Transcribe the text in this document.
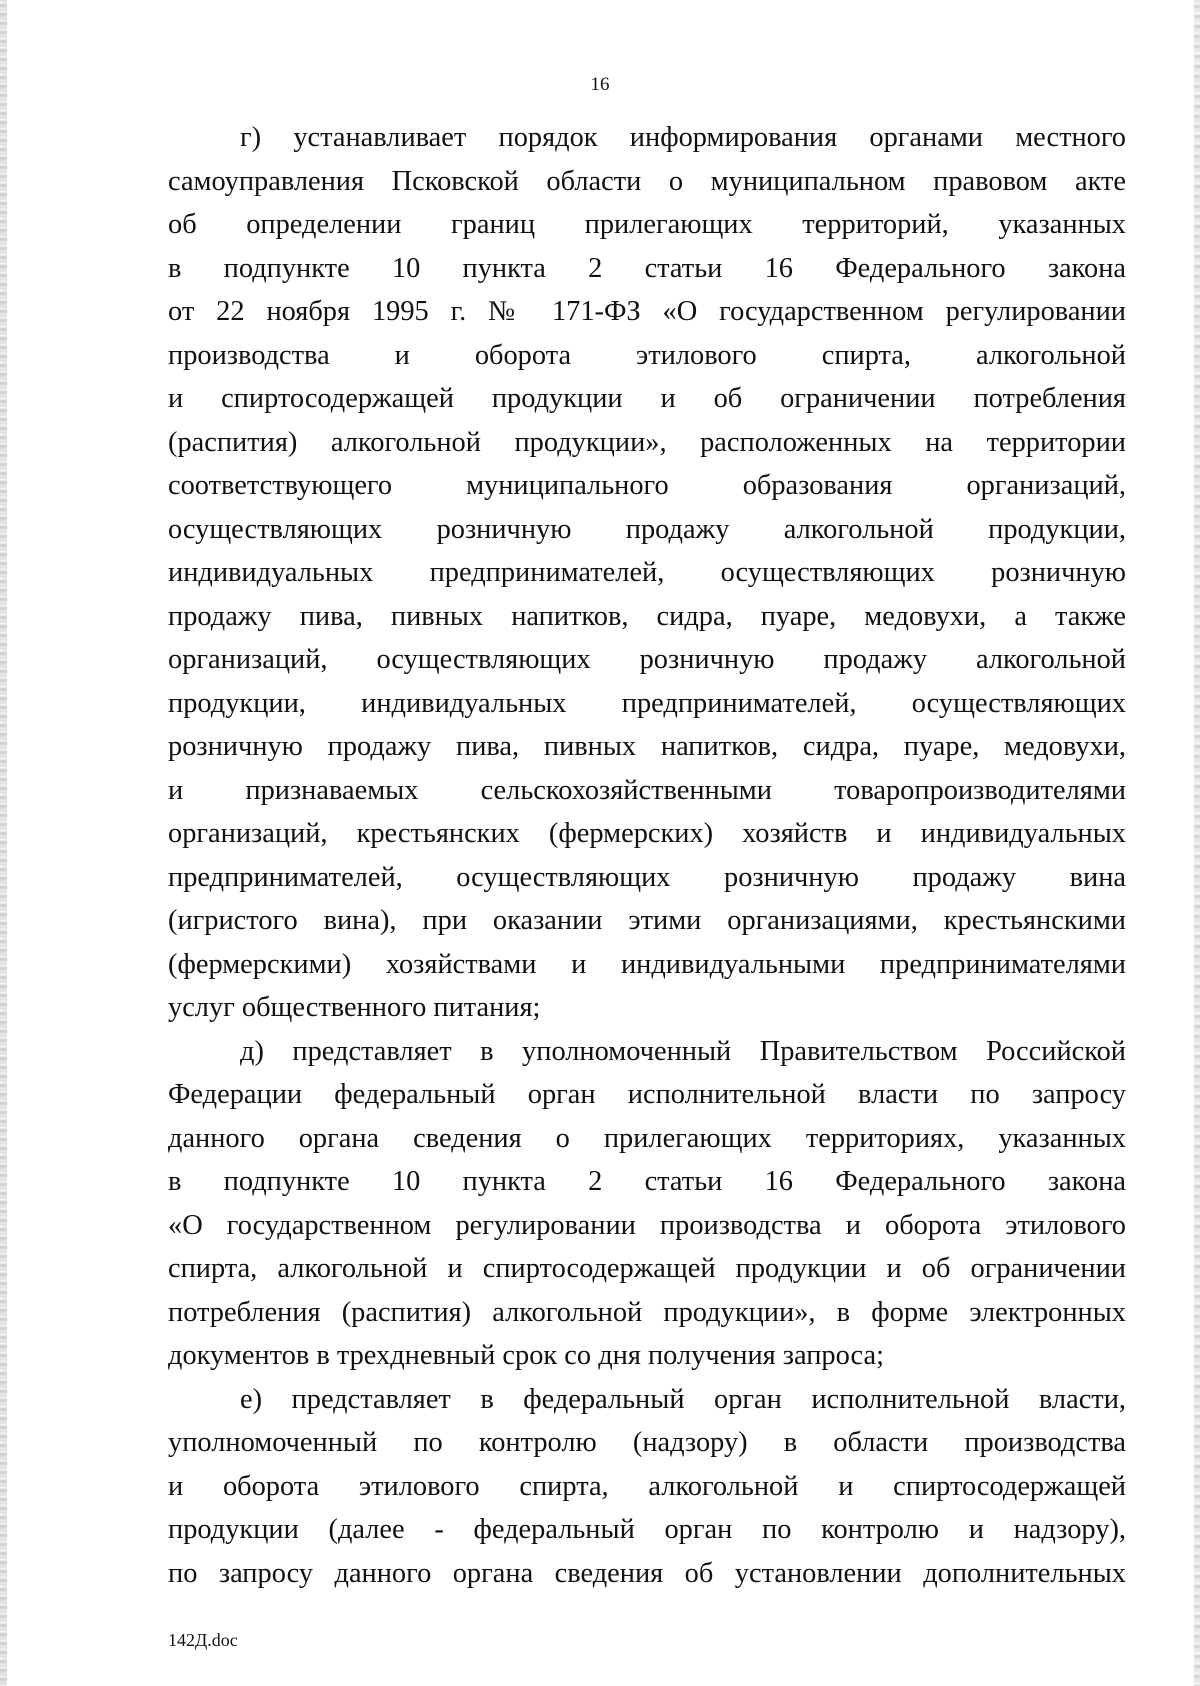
16
г) устанавливает порядок информирования органами местного
самоуправления Псковской области о муниципальном правовом акте
об определении границ прилегающих территорий, указанных
в подпункте 10 пункта 2 статьи 16 Федерального закона
от 22 ноября 1995 г. № 171-ФЗ «О государственном регулировании
производства и оборота этилового спирта, алкогольной
и спиртосодержащей продукции и об ограничении потребления
(распития) алкогольной продукции», расположенных на территории
соответствующего муниципального образования организаций,
осуществляющих розничную продажу алкогольной продукции,
индивидуальных предпринимателей, осуществляющих розничную
продажу пива, пивных напитков, сидра, пуаре, медовухи, а также
организаций, осуществляющих розничную продажу алкогольной
продукции, индивидуальных предпринимателей, осуществляющих
розничную продажу пива, пивных напитков, сидра, пуаре, медовухи,
и признаваемых сельскохозяйственными товаропроизводителями
организаций, крестьянских (фермерских) хозяйств и индивидуальных
предпринимателей, осуществляющих розничную продажу вина
(игристого вина), при оказании этими организациями, крестьянскими
(фермерскими) хозяйствами и индивидуальными предпринимателями
услуг общественного питания;
д) представляет в уполномоченный Правительством Российской
Федерации федеральный орган исполнительной власти по запросу
данного органа сведения о прилегающих территориях, указанных
в подпункте 10 пункта 2 статьи 16 Федерального закона
«О государственном регулировании производства и оборота этилового
спирта, алкогольной и спиртосодержащей продукции и об ограничении
потребления (распития) алкогольной продукции», в форме электронных
документов в трехдневный срок со дня получения запроса;
е) представляет в федеральный орган исполнительной власти,
уполномоченный по контролю (надзору) в области производства
и оборота этилового спирта, алкогольной и спиртосодержащей
продукции (далее - федеральный орган по контролю и надзору),
по запросу данного органа сведения об установлении дополнительных
142Д.doc
